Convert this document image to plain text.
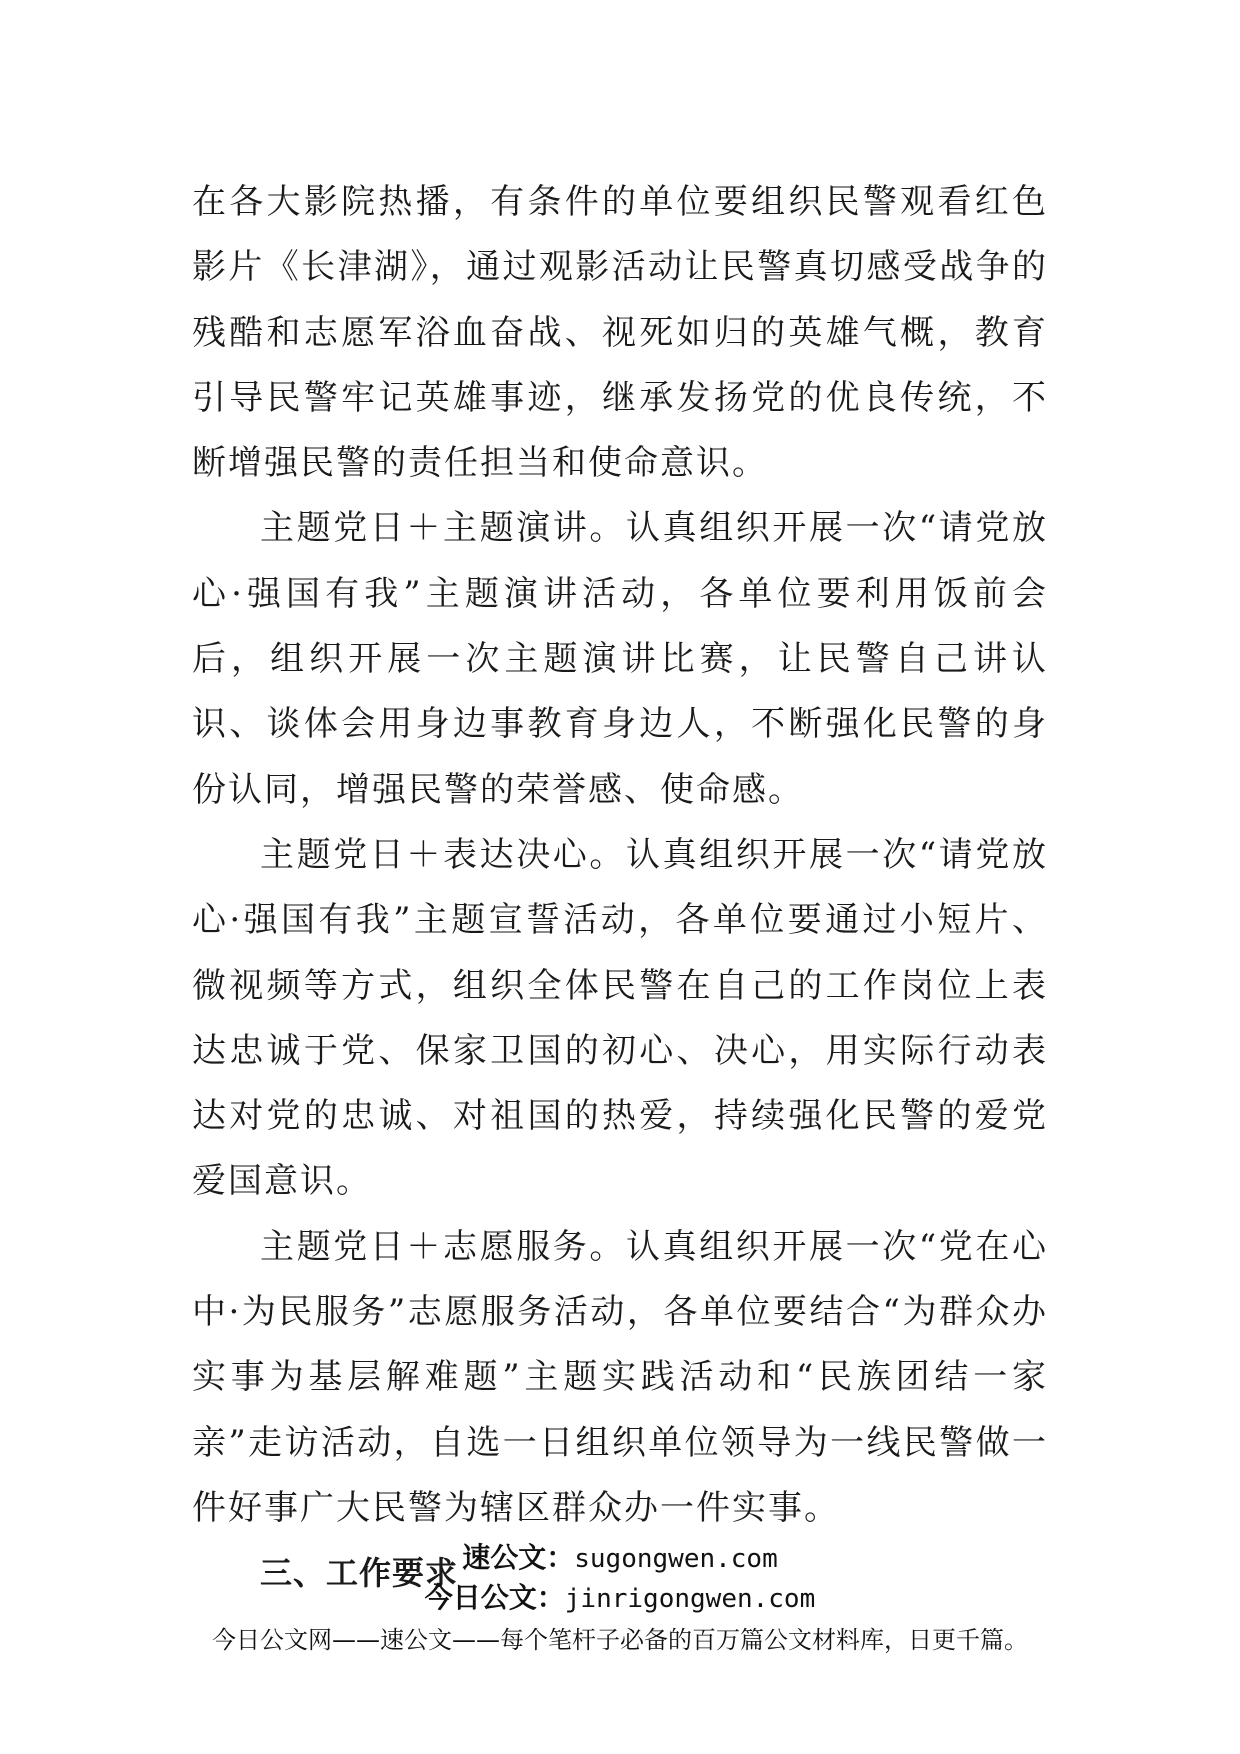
在各大影院热播，有条件的单位要组织民警观看红色影片《长津湖》，通过观影活动让民警真切感受战争的残酷和志愿军浴血奋战、视死如归的英雄气概，教育引导民警牢记英雄事迹，继承发扬党的优良传统，不断增强民警的责任担当和使命意识。

主题党日＋主题演讲。认真组织开展一次“请党放心·强国有我”主题演讲活动，各单位要利用饭前会后，组织开展一次主题演讲比赛，让民警自己讲认识、谈体会用身边事教育身边人，不断强化民警的身份认同，增强民警的荣誉感、使命感。

主题党日＋表达决心。认真组织开展一次“请党放心·强国有我”主题宣誓活动，各单位要通过小短片、微视频等方式，组织全体民警在自己的工作岗位上表达忠诚于党、保家卫国的初心、决心，用实际行动表达对党的忠诚、对祖国的热爱，持续强化民警的爱党爱国意识。

主题党日＋志愿服务。认真组织开展一次“党在心中·为民服务”志愿服务活动，各单位要结合“为群众办实事为基层解难题”主题实践活动和“民族团结一家亲”走访活动，自选一日组织单位领导为一线民警做一件好事广大民警为辖区群众办一件实事。

三、工作要求 速公文：sugongwen.com
今日公文：jinrigongwen.com
今日公文网——速公文——每个笔杆子必备的百万篇公文材料库，日更千篇。
